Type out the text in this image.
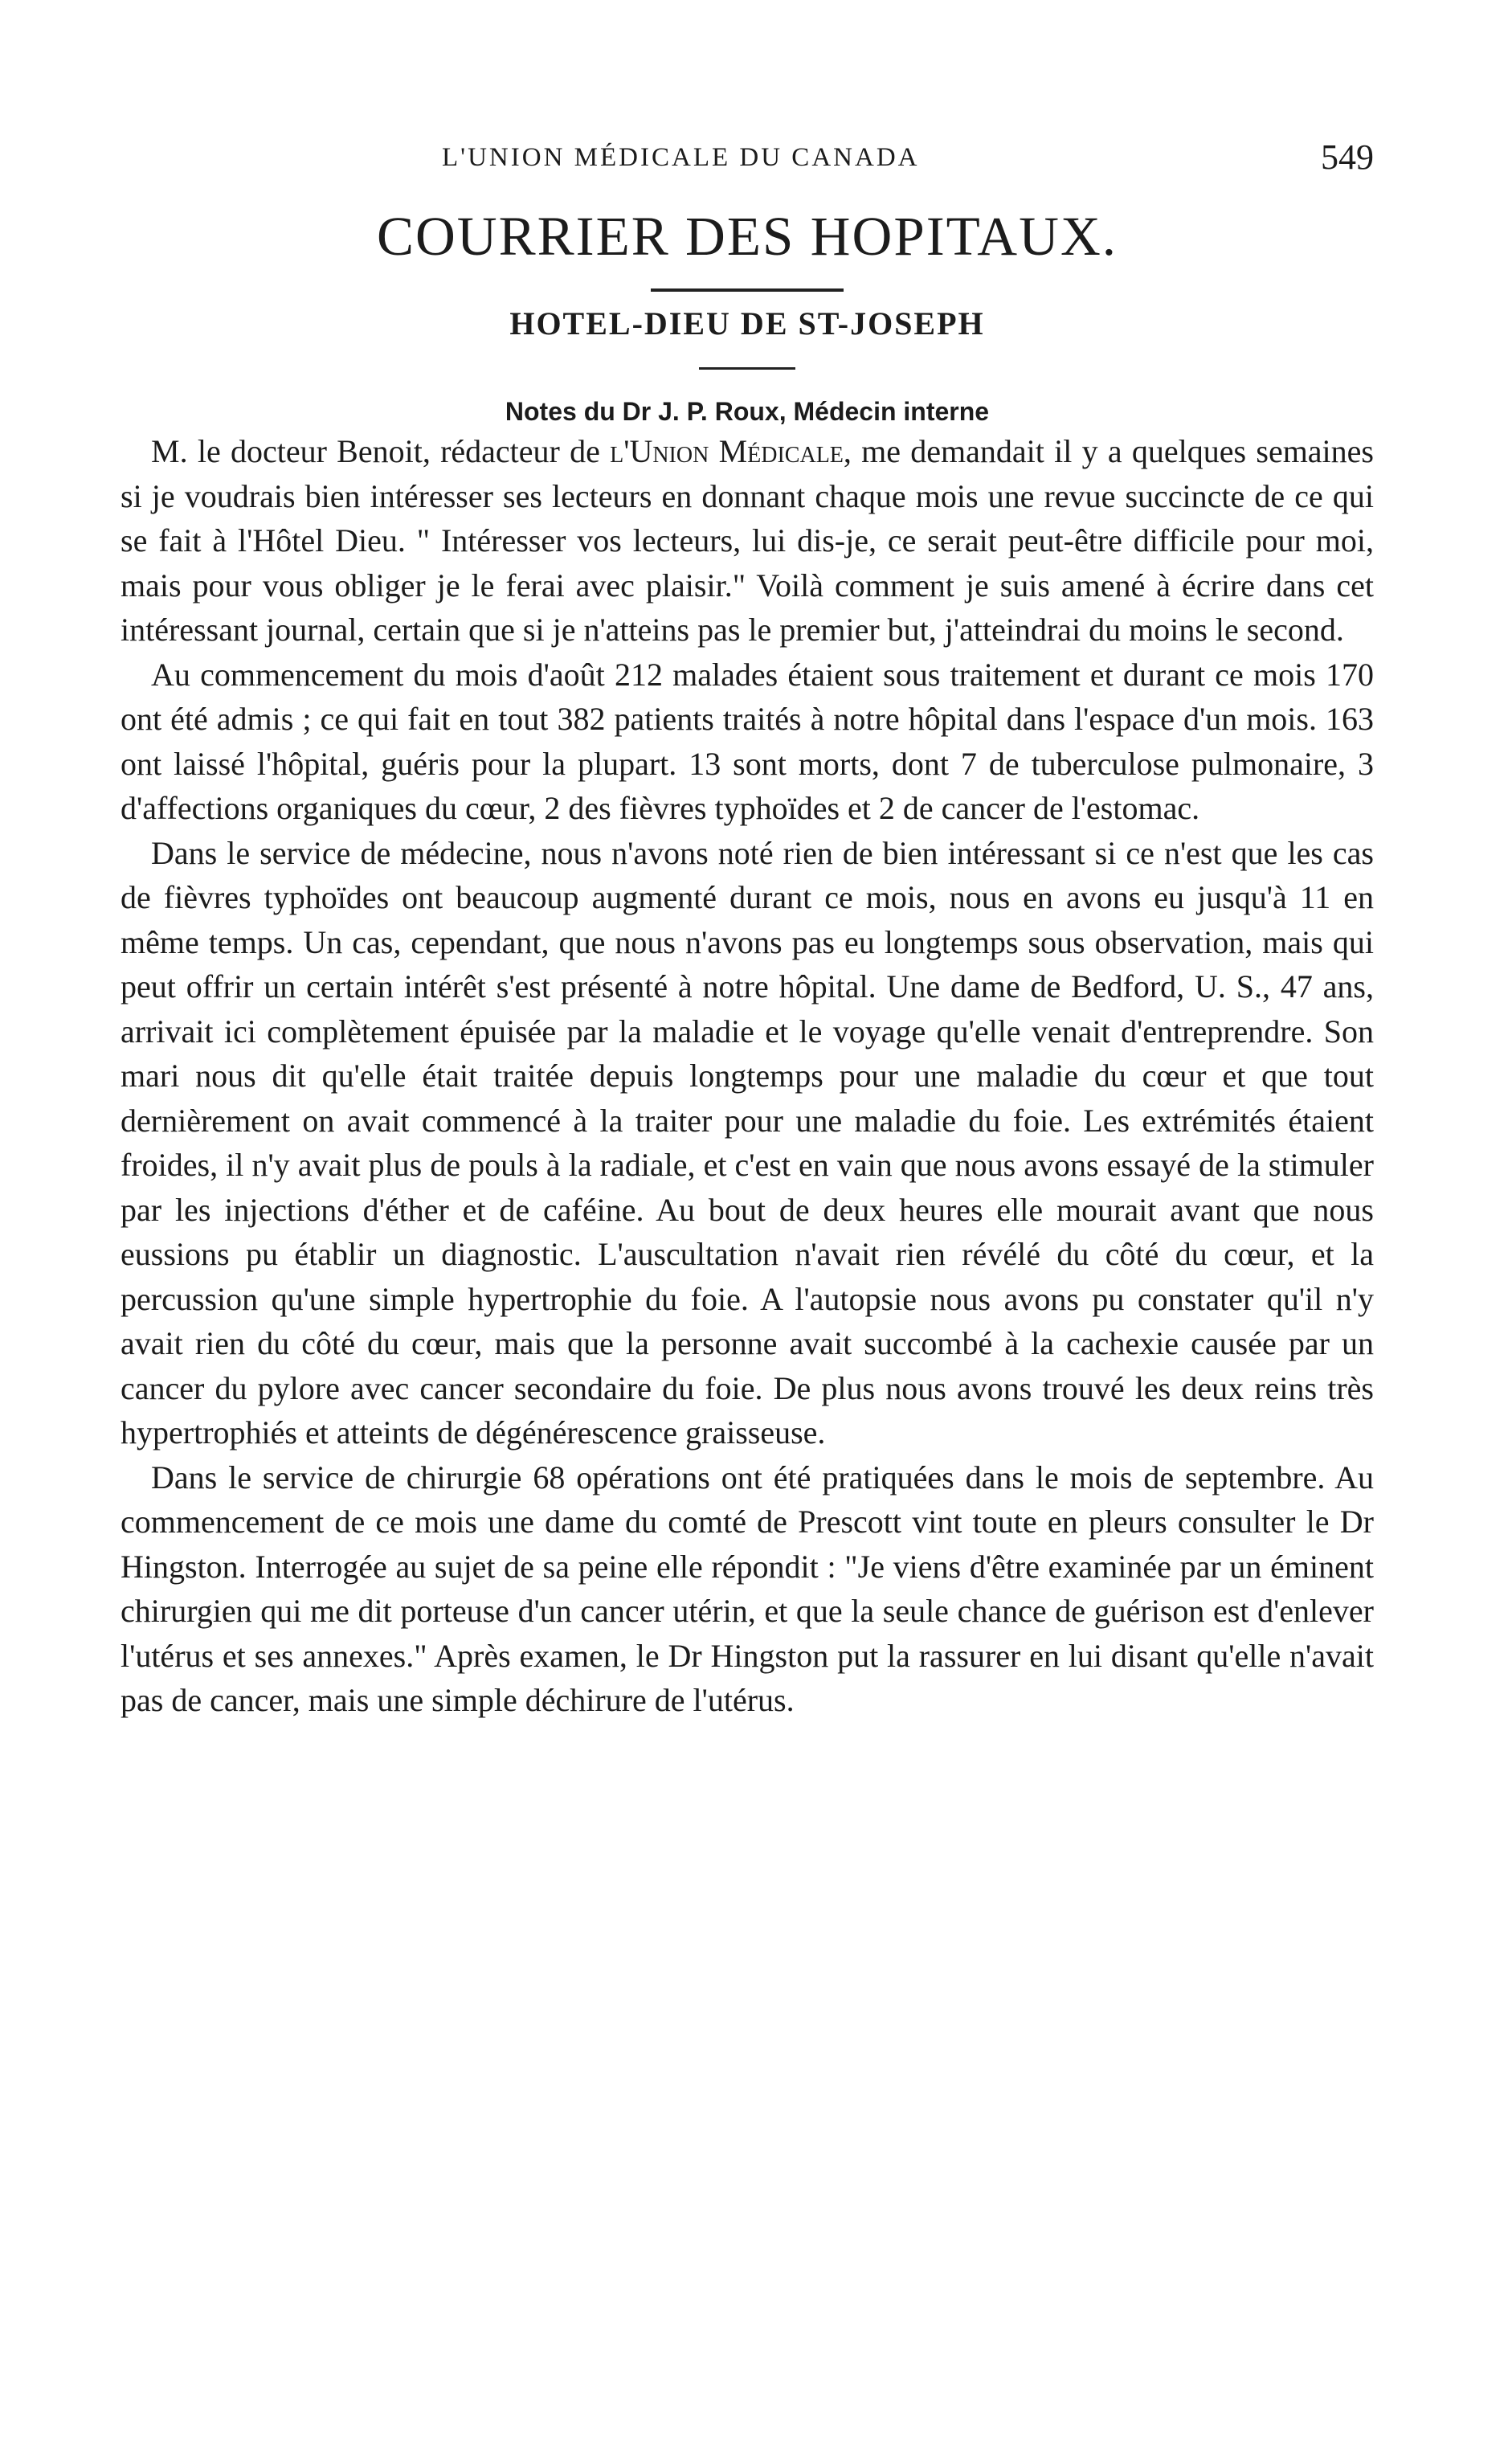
L'UNION MÉDICALE DU CANADA	549
COURRIER DES HOPITAUX.
HOTEL-DIEU DE ST-JOSEPH
Notes du Dr J. P. Roux, Médecin interne

M. le docteur Benoit, rédacteur de l'Union Médicale, me demandait il y a quelques semaines si je voudrais bien intéresser ses lecteurs en donnant chaque mois une revue succincte de ce qui se fait à l'Hôtel Dieu. " Intéresser vos lecteurs, lui dis-je, ce serait peut-être difficile pour moi, mais pour vous obliger je le ferai avec plaisir." Voilà comment je suis amené à écrire dans cet intéressant journal, certain que si je n'atteins pas le premier but, j'atteindrai du moins le second.

Au commencement du mois d'août 212 malades étaient sous traitement et durant ce mois 170 ont été admis ; ce qui fait en tout 382 patients traités à notre hôpital dans l'espace d'un mois. 163 ont laissé l'hôpital, guéris pour la plupart. 13 sont morts, dont 7 de tuberculose pulmonaire, 3 d'affections organiques du cœur, 2 des fièvres typhoïdes et 2 de cancer de l'estomac.

Dans le service de médecine, nous n'avons noté rien de bien intéressant si ce n'est que les cas de fièvres typhoïdes ont beaucoup augmenté durant ce mois, nous en avons eu jusqu'à 11 en même temps. Un cas, cependant, que nous n'avons pas eu longtemps sous observation, mais qui peut offrir un certain intérêt s'est présenté à notre hôpital. Une dame de Bedford, U. S., 47 ans, arrivait ici complètement épuisée par la maladie et le voyage qu'elle venait d'entreprendre. Son mari nous dit qu'elle était traitée depuis longtemps pour une maladie du cœur et que tout dernièrement on avait commencé à la traiter pour une maladie du foie. Les extrémités étaient froides, il n'y avait plus de pouls à la radiale, et c'est en vain que nous avons essayé de la stimuler par les injections d'éther et de caféine. Au bout de deux heures elle mourait avant que nous eussions pu établir un diagnostic. L'auscultation n'avait rien révélé du côté du cœur, et la percussion qu'une simple hypertrophie du foie. A l'autopsie nous avons pu constater qu'il n'y avait rien du côté du cœur, mais que la personne avait succombé à la cachexie causée par un cancer du pylore avec cancer secondaire du foie. De plus nous avons trouvé les deux reins très hypertrophiés et atteints de dégénérescence graisseuse.

Dans le service de chirurgie 68 opérations ont été pratiquées dans le mois de septembre. Au commencement de ce mois une dame du comté de Prescott vint toute en pleurs consulter le Dr Hingston. Interrogée au sujet de sa peine elle répondit : "Je viens d'être examinée par un éminent chirurgien qui me dit porteuse d'un cancer utérin, et que la seule chance de guérison est d'enlever l'utérus et ses annexes." Après examen, le Dr Hingston put la rassurer en lui disant qu'elle n'avait pas de cancer, mais une simple déchirure de l'utérus.
